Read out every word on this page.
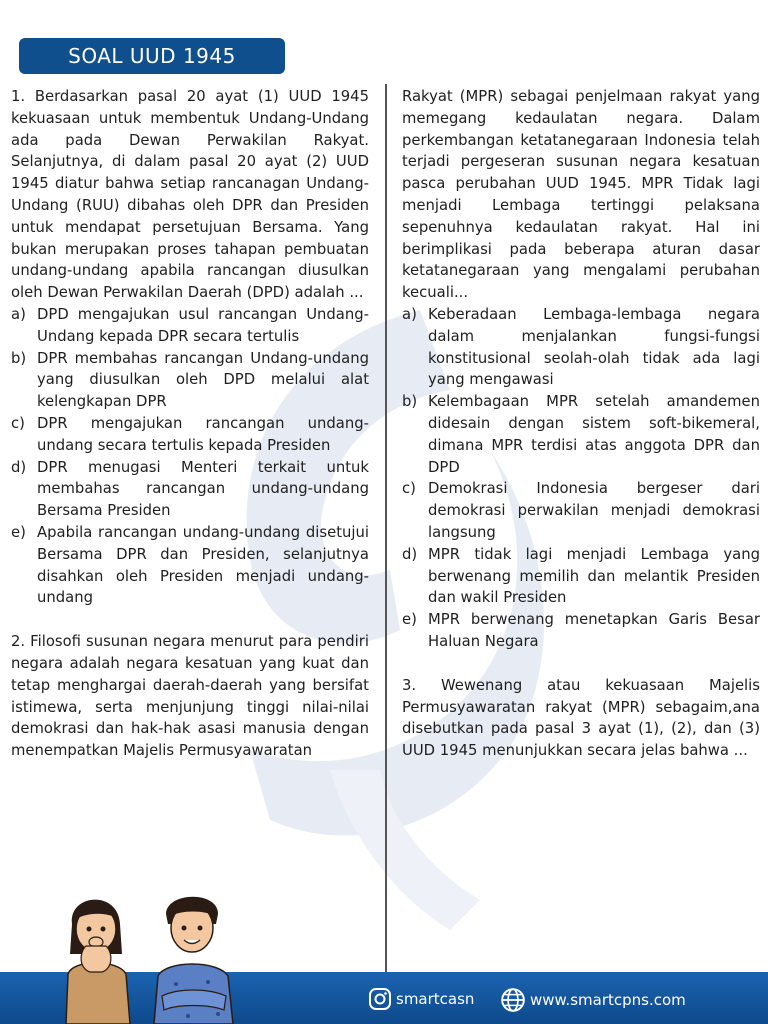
SOAL UUD 1945

1. Berdasarkan pasal 20 ayat (1) UUD 1945 kekuasaan untuk membentuk Undang-Undang ada pada Dewan Perwakilan Rakyat. Selanjutnya, di dalam pasal 20 ayat (2) UUD 1945 diatur bahwa setiap rancanagan Undang-Undang (RUU) dibahas oleh DPR dan Presiden untuk mendapat persetujuan Bersama. Yang bukan merupakan proses tahapan pembuatan undang-undang apabila rancangan diusulkan oleh Dewan Perwakilan Daerah (DPD) adalah ...

a) DPD mengajukan usul rancangan Undang-Undang kepada DPR secara tertulis
b) DPR membahas rancangan Undang-undang yang diusulkan oleh DPD melalui alat kelengkapan DPR
c) DPR mengajukan rancangan undang-undang secara tertulis kepada Presiden
d) DPR menugasi Menteri terkait untuk membahas rancangan undang-undang Bersama Presiden
e) Apabila rancangan undang-undang disetujui Bersama DPR dan Presiden, selanjutnya disahkan oleh Presiden menjadi undang-undang

2. Filosofi susunan negara menurut para pendiri negara adalah negara kesatuan yang kuat dan tetap menghargai daerah-daerah yang bersifat istimewa, serta menjunjung tinggi nilai-nilai demokrasi dan hak-hak asasi manusia dengan menempatkan Majelis Permusyawaratan

Rakyat (MPR) sebagai penjelmaan rakyat yang memegang kedaulatan negara. Dalam perkembangan ketatanegaraan Indonesia telah terjadi pergeseran susunan negara kesatuan pasca perubahan UUD 1945. MPR Tidak lagi menjadi Lembaga tertinggi pelaksana sepenuhnya kedaulatan rakyat. Hal ini berimplikasi pada beberapa aturan dasar ketatanegaraan yang mengalami perubahan kecuali...

a) Keberadaan Lembaga-lembaga negara dalam menjalankan fungsi-fungsi konstitusional seolah-olah tidak ada lagi yang mengawasi
b) Kelembagaan MPR setelah amandemen didesain dengan sistem soft-bikemeral, dimana MPR terdisi atas anggota DPR dan DPD
c) Demokrasi Indonesia bergeser dari demokrasi perwakilan menjadi demokrasi langsung
d) MPR tidak lagi menjadi Lembaga yang berwenang memilih dan melantik Presiden dan wakil Presiden
e) MPR berwenang menetapkan Garis Besar Haluan Negara

3. Wewenang atau kekuasaan Majelis Permusyawaratan rakyat (MPR) sebagaim,ana disebutkan pada pasal 3 ayat (1), (2), dan (3) UUD 1945 menunjukkan secara jelas bahwa ...

smartcasn	www.smartcpns.com
